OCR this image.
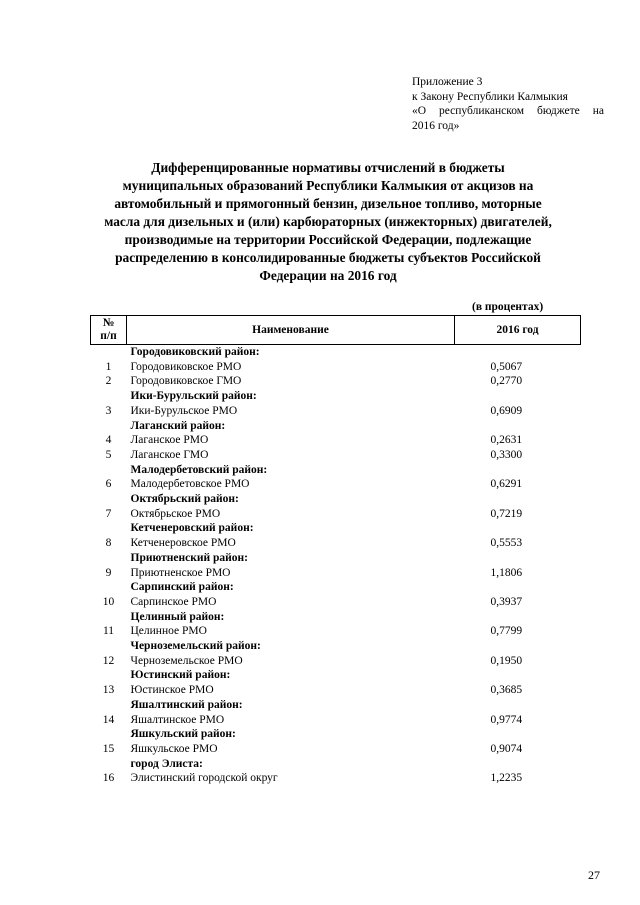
Приложение 3
к Закону Республики Калмыкия
«О республиканском бюджете на
2016 год»
Дифференцированные нормативы отчислений в бюджеты
муниципальных образований Республики Калмыкия от акцизов на
автомобильный и прямогонный бензин, дизельное топливо, моторные
масла для дизельных и (или) карбюраторных (инжекторных) двигателей,
производимые на территории Российской Федерации, подлежащие
распределению в консолидированные бюджеты субъектов Российской
Федерации на 2016 год
(в процентах)
№
п/п	Наименование	2016 год
	Городовиковский район:	
1	Городовиковское РМО	0,5067
2	Городовиковское ГМО	0,2770
	Ики-Бурульский район:	
3	Ики-Бурульское РМО	0,6909
	Лаганский район:	
4	Лаганское РМО	0,2631
5	Лаганское ГМО	0,3300
	Малодербетовский район:	
6	Малодербетовское РМО	0,6291
	Октябрьский район:	
7	Октябрьское РМО	0,7219
	Кетченеровский район:	
8	Кетченеровское РМО	0,5553
	Приютненский район:	
9	Приютненское РМО	1,1806
	Сарпинский район:	
10	Сарпинское РМО	0,3937
	Целинный район:	
11	Целинное РМО	0,7799
	Черноземельский район:	
12	Черноземельское РМО	0,1950
	Юстинский район:	
13	Юстинское РМО	0,3685
	Яшалтинский район:	
14	Яшалтинское РМО	0,9774
	Яшкульский район:	
15	Яшкульское РМО	0,9074
	город Элиста:	
16	Элистинский городской округ	1,2235
27
